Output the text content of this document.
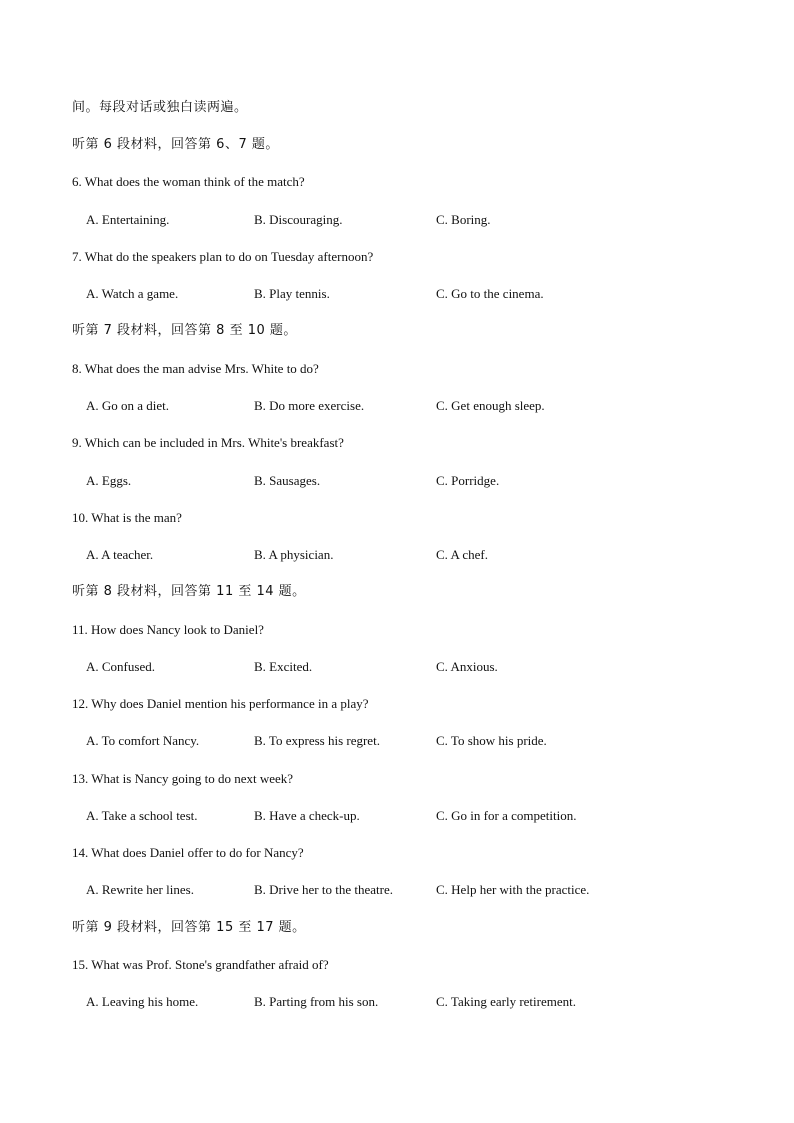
间。每段对话或独白读两遍。
听第 6 段材料，回答第 6、7 题。
6. What does the woman think of the match?
A. Entertaining.	B. Discouraging.	C. Boring.
7. What do the speakers plan to do on Tuesday afternoon?
A. Watch a game.	B. Play tennis.	C. Go to the cinema.
听第 7 段材料，回答第 8 至 10 题。
8. What does the man advise Mrs. White to do?
A. Go on a diet.	B. Do more exercise.	C. Get enough sleep.
9. Which can be included in Mrs. White's breakfast?
A. Eggs.	B. Sausages.	C. Porridge.
10. What is the man?
A. A teacher.	B. A physician.	C. A chef.
听第 8 段材料，回答第 11 至 14 题。
11. How does Nancy look to Daniel?
A. Confused.	B. Excited.	C. Anxious.
12. Why does Daniel mention his performance in a play?
A. To comfort Nancy.	B. To express his regret.	C. To show his pride.
13. What is Nancy going to do next week?
A. Take a school test.	B. Have a check-up.	C. Go in for a competition.
14. What does Daniel offer to do for Nancy?
A. Rewrite her lines.	B. Drive her to the theatre.	C. Help her with the practice.
听第 9 段材料，回答第 15 至 17 题。
15. What was Prof. Stone's grandfather afraid of?
A. Leaving his home.	B. Parting from his son.	C. Taking early retirement.
